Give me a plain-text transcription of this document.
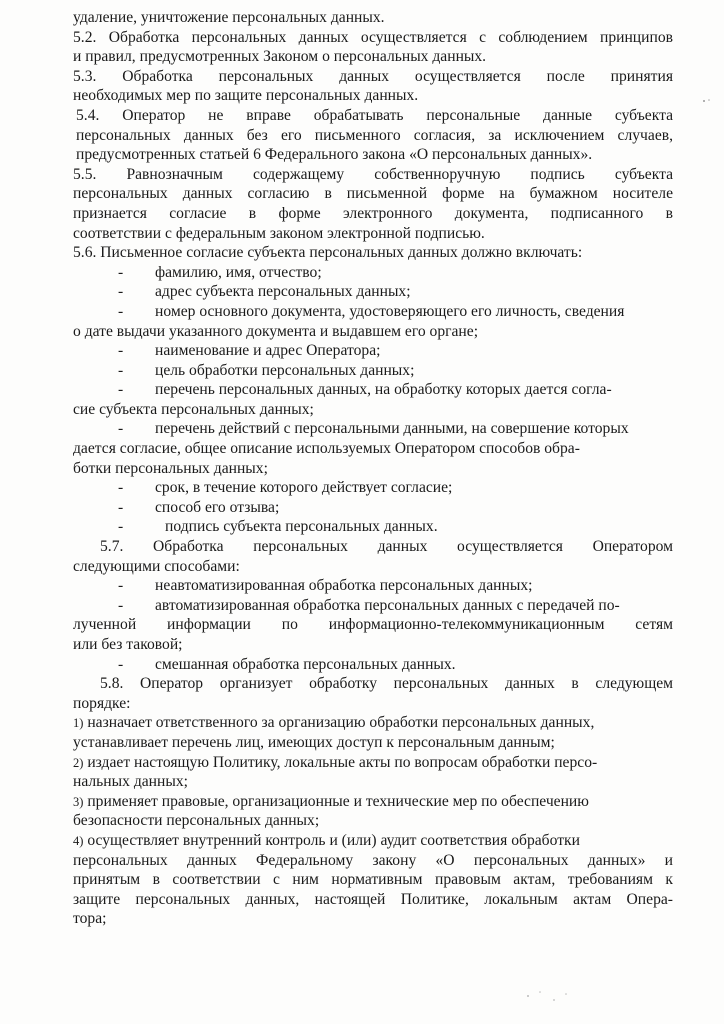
удаление, уничтожение персональных данных.
5.2. Обработка персональных данных осуществляется с соблюдением принципов
и правил, предусмотренных Законом о персональных данных.
5.3. Обработка персональных данных осуществляется после принятия
необходимых мер по защите персональных данных.
5.4. Оператор не вправе обрабатывать персональные данные субъекта
персональных данных без его письменного согласия, за исключением случаев,
предусмотренных статьей 6 Федерального закона «О персональных данных».
5.5. Равнозначным содержащему собственноручную подпись субъекта
персональных данных согласию в письменной форме на бумажном носителе
признается согласие в форме электронного документа, подписанного в
соответствии с федеральным законом электронной подписью.
5.6. Письменное согласие субъекта персональных данных должно включать:
- фамилию, имя, отчество;
- адрес субъекта персональных данных;
- номер основного документа, удостоверяющего его личность, сведения
о дате выдачи указанного документа и выдавшем его органе;
- наименование и адрес Оператора;
- цель обработки персональных данных;
- перечень персональных данных, на обработку которых дается согла-
сие субъекта персональных данных;
- перечень действий с персональными данными, на совершение которых
дается согласие, общее описание используемых Оператором способов обра-
ботки персональных данных;
- срок, в течение которого действует согласие;
- способ его отзыва;
-	подпись субъекта персональных данных.
5.7. Обработка персональных данных осуществляется Оператором
следующими способами:
- неавтоматизированная обработка персональных данных;
- автоматизированная обработка персональных данных с передачей по-
лученной информации по информационно-телекоммуникационным сетям
или без таковой;
- смешанная обработка персональных данных.
5.8. Оператор организует обработку персональных данных в следующем
порядке:
1) назначает ответственного за организацию обработки персональных данных,
устанавливает перечень лиц, имеющих доступ к персональным данным;
2) издает настоящую Политику, локальные акты по вопросам обработки персо-
нальных данных;
3) применяет правовые, организационные и технические мер по обеспечению
безопасности персональных данных;
4) осуществляет внутренний контроль и (или) аудит соответствия обработки
персональных данных Федеральному закону «О персональных данных» и
принятым в соответствии с ним нормативным правовым актам, требованиям к
защите персональных данных, настоящей Политике, локальным актам Опера-
тора;
